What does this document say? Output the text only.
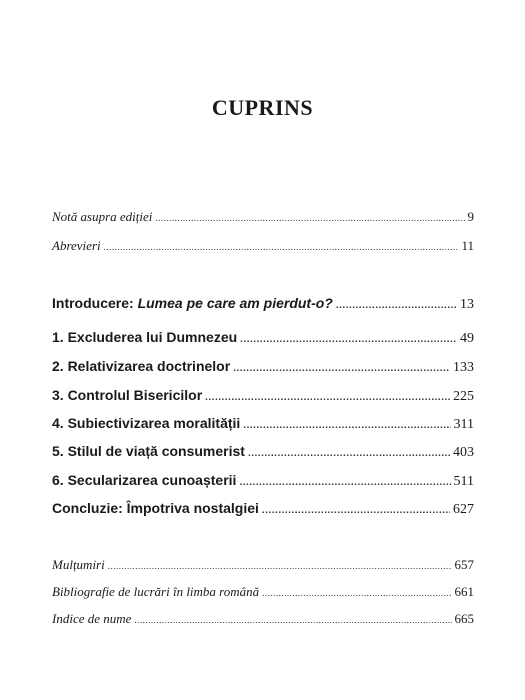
CUPRINS
Notă asupra ediției .....	9
Abrevieri .....	11
Introducere: Lumea pe care am pierdut-o? .....	13
1. Excluderea lui Dumnezeu .....	49
2. Relativizarea doctrinelor .....	133
3. Controlul Bisericilor .....	225
4. Subiectivizarea moralității .....	311
5. Stilul de viață consumerist .....	403
6. Secularizarea cunoașterii .....	511
Concluzie: Împotriva nostalgiei .....	627
Mulțumiri .....	657
Bibliografie de lucrări în limba română .....	661
Indice de nume .....	665
